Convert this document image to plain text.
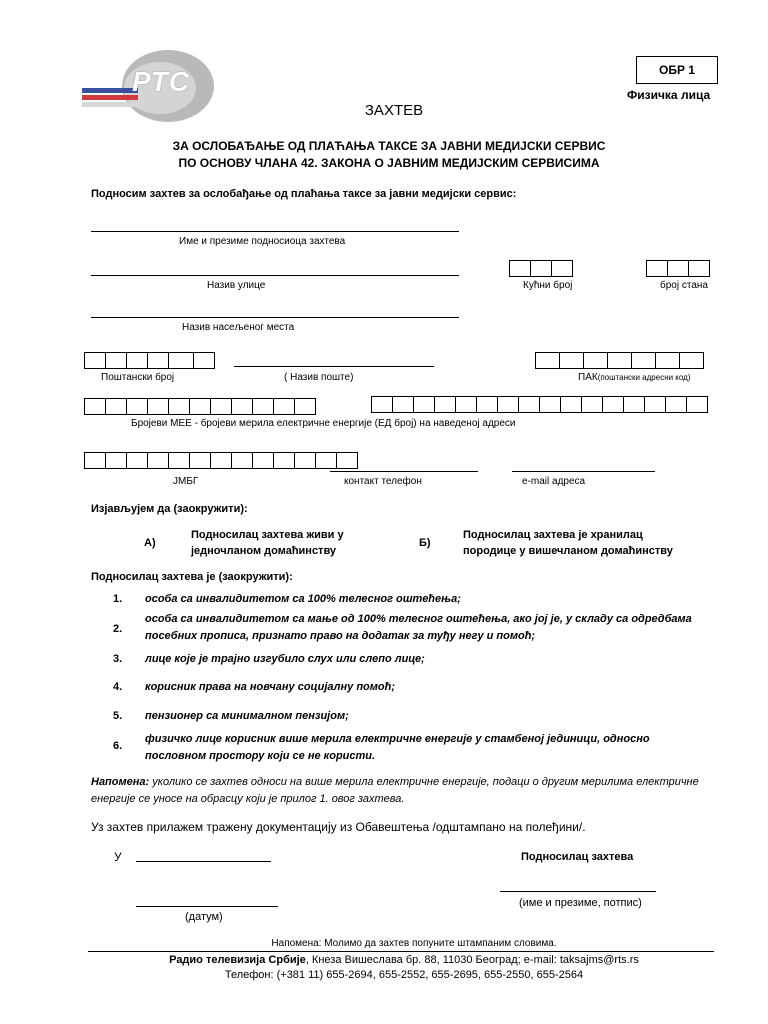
РТС	ОБР 1
Физичка лица
ЗАХТЕВ
ЗА ОСЛОБАЂАЊЕ ОД ПЛАЋАЊА ТАКСЕ ЗА ЈАВНИ МЕДИЈСКИ СЕРВИС
ПО ОСНОВУ ЧЛАНА 42. ЗАКОНА О ЈАВНИМ МЕДИЈСКИМ СЕРВИСИМА
Подносим захтев за ослобађање од плаћања таксе за јавни медијски сервис:
Име и презиме подносиоца захтева
Назив улице	Кућни број	број стана
Назив насељеног места
Поштански број	( Назив поште)	ПАК(поштански адресни код)
Бројеви МЕЕ - бројеви мерила електричне енергије (ЕД број) на наведеној адреси
ЈМБГ	контакт телефон	e-mail адреса
Изјављујем да (заокружити):
А)
Подносилац захтева живи у
једночланом домаћинству
Б)
Подносилац захтева је хранилац
породице у вишечланом домаћинству
Подносилац захтева је (заокружити):
1. особа са инвалидитетом са 100% телесног оштећења;
2.
особа са инвалидитетом са мање од 100% телесног оштећења, ако јој је, у складу са одредбама
посебних прописа, признато право на додатак за туђу негу и помоћ;
3. лице које је трајно изгубило слух или слепо лице;
4. корисник права на новчану социјалну помоћ;
5. пензионер са минималном пензијом;
6.
физичко лице корисник више мерила електричне енергије у стамбеној јединици, односно
пословном простору који се не користи.
Напомена: уколико се захтев односи на више мерила електричне енергије, подаци о другим мерилима електричне
енергије се уносе на обрасцу који је прилог 1. овог захтева.
Уз захтев прилажем тражену документацију из Обавештења /одштампано на полеђини/.
У	Подносилац захтева
(име и презиме, потпис)
(датум)
Напомена: Молимо да захтев попуните штампаним словима.
Радио телевизија Србије, Кнеза Вишеслава бр. 88, 11030 Београд; e-mail: taksajms@rts.rs
Телефон: (+381 11) 655-2694, 655-2552, 655-2695, 655-2550, 655-2564
